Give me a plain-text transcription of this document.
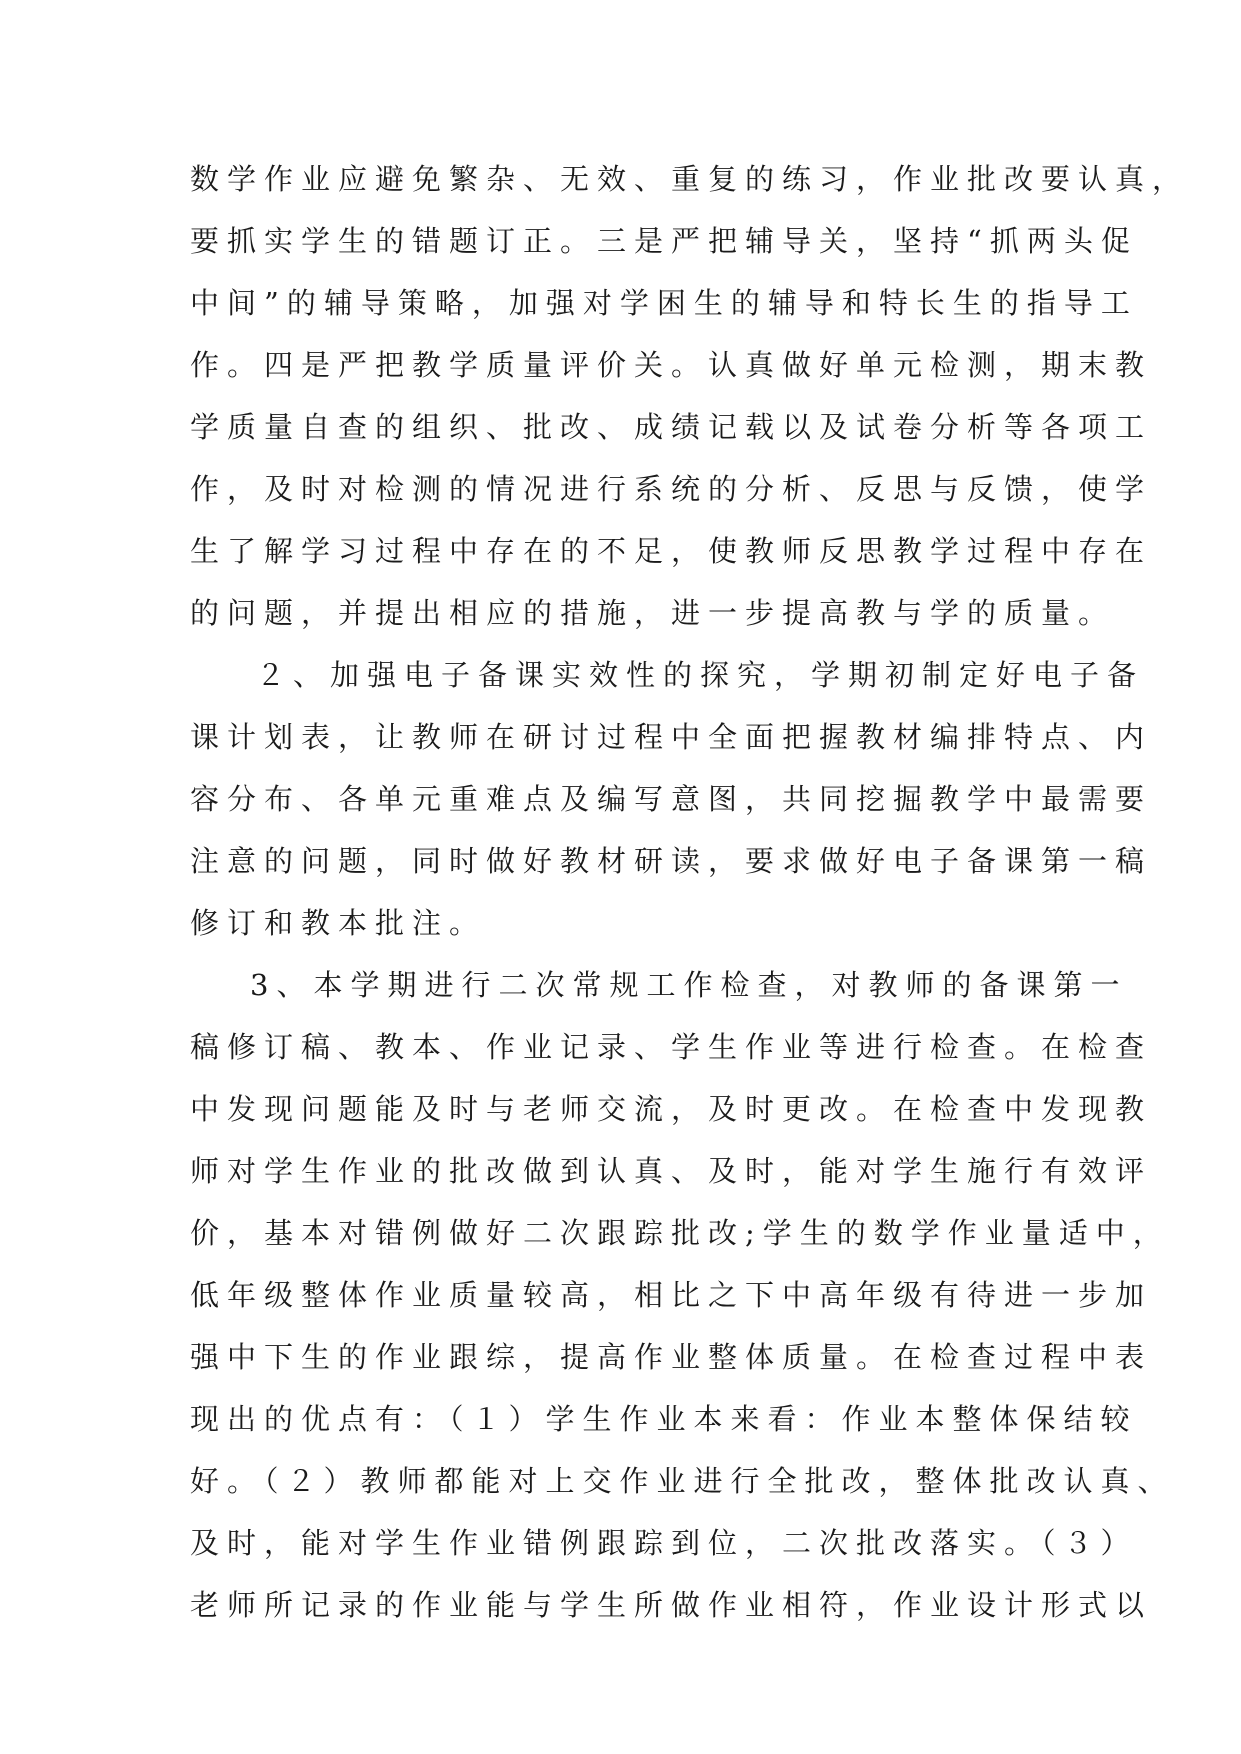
数学作业应避免繁杂、无效、重复的练习，作业批改要认真，
要抓实学生的错题订正。三是严把辅导关，坚持“抓两头促
中间”的辅导策略，加强对学困生的辅导和特长生的指导工
作。四是严把教学质量评价关。认真做好单元检测，期末教
学质量自查的组织、批改、成绩记载以及试卷分析等各项工
作，及时对检测的情况进行系统的分析、反思与反馈，使学
生了解学习过程中存在的不足，使教师反思教学过程中存在
的问题，并提出相应的措施，进一步提高教与学的质量。
２、加强电子备课实效性的探究，学期初制定好电子备
课计划表，让教师在研讨过程中全面把握教材编排特点、内
容分布、各单元重难点及编写意图，共同挖掘教学中最需要
注意的问题，同时做好教材研读，要求做好电子备课第一稿
修订和教本批注。
3、本学期进行二次常规工作检查，对教师的备课第一
稿修订稿、教本、作业记录、学生作业等进行检查。在检查
中发现问题能及时与老师交流，及时更改。在检查中发现教
师对学生作业的批改做到认真、及时，能对学生施行有效评
价，基本对错例做好二次跟踪批改;学生的数学作业量适中，
低年级整体作业质量较高，相比之下中高年级有待进一步加
强中下生的作业跟综，提高作业整体质量。在检查过程中表
现出的优点有：（１）学生作业本来看：作业本整体保结较
好。（２）教师都能对上交作业进行全批改，整体批改认真、
及时，能对学生作业错例跟踪到位，二次批改落实。（３）
老师所记录的作业能与学生所做作业相符，作业设计形式以
